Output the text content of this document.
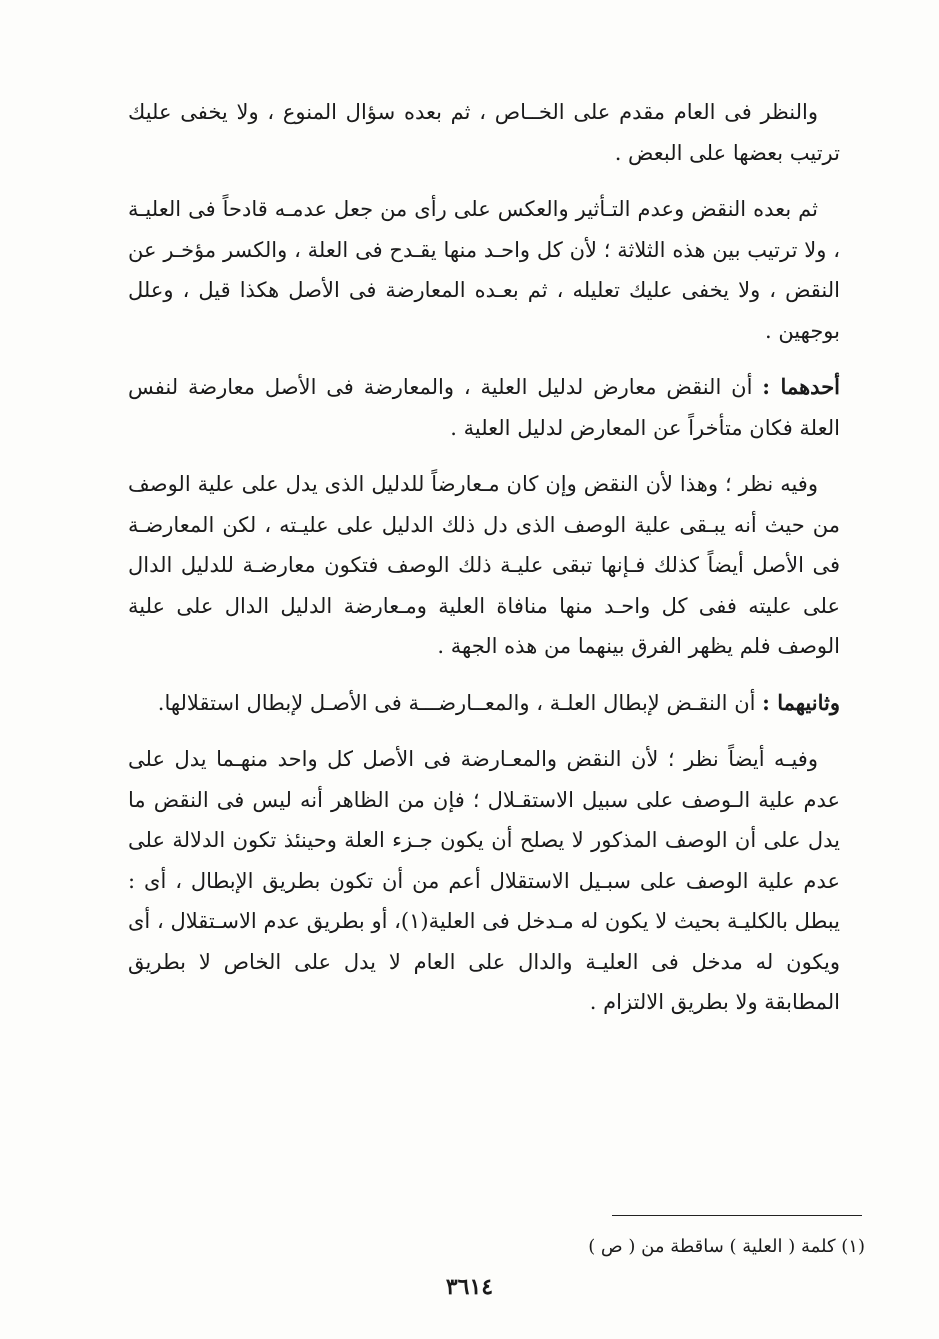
والنظر فى العام مقدم على الخــاص ، ثم بعده سؤال المنوع ، ولا يخفى عليك ترتيب بعضها على البعض .

ثم بعده النقض وعدم التـأثير والعكس على رأى من جعل عدمـه قادحاً فى العليـة ، ولا ترتيب بين هذه الثلاثة ؛ لأن كل واحـد منها يقـدح فى العلة ، والكسر مؤخـر عن النقض ، ولا يخفى عليك تعليله ، ثم بعـده المعارضة فى الأصل هكذا قيل ، وعلل بوجهين .

أحدهما : أن النقض معارض لدليل العلية ، والمعارضة فى الأصل معارضة لنفس العلة فكان متأخراً عن المعارض لدليل العلية .

وفيه نظر ؛ وهذا لأن النقض وإن كان مـعارضاً للدليل الذى يدل على علية الوصف من حيث أنه يبـقى علية الوصف الذى دل ذلك الدليل على عليـته ، لكن المعارضـة فى الأصل أيضاً كذلك فـإنها تبقى عليـة ذلك الوصف فتكون معارضـة للدليل الدال على عليته ففى كل واحـد منها منافاة العلية ومـعارضة الدليل الدال على علية الوصف فلم يظهر الفرق بينهما من هذه الجهة .

وثانيهما : أن النقـض لإبطال العلـة ، والمعــارضـــة فى الأصـل لإبطال استقلالها.

وفيـه أيضاً نظر ؛ لأن النقض والمعـارضة فى الأصل كل واحد منهـما يدل على عدم علية الـوصف على سبيل الاستقـلال ؛ فإن من الظاهر أنه ليس فى النقض ما يدل على أن الوصف المذكور لا يصلح أن يكون جـزء العلة وحينئذ تكون الدلالة على عدم علية الوصف على سبـيل الاستقلال أعم من أن تكون بطريق الإبطال ، أى : يبطل بالكليـة بحيث لا يكون له مـدخل فى العلية(١)، أو بطريق عدم الاسـتقلال ، أى ويكون له مدخل فى العليـة والدال على العام لا يدل على الخاص لا بطريق المطابقة ولا بطريق الالتزام .

(١) كلمة ( العلية ) ساقطة من ( ص )
٣٦١٤
